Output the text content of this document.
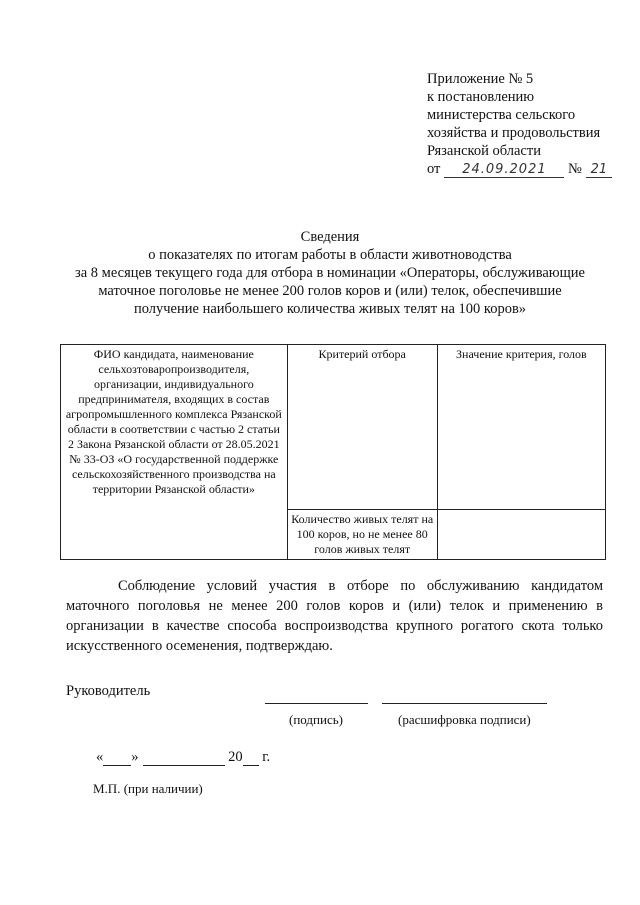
Приложение № 5
к постановлению
министерства сельского
хозяйства и продовольствия
Рязанской области
от 24.09.2021 № 21
Сведения
о показателях по итогам работы в области животноводства
за 8 месяцев текущего года для отбора в номинации «Операторы, обслуживающие
маточное поголовье не менее 200 голов коров и (или) телок, обеспечившие
получение наибольшего количества живых телят на 100 коров»
ФИО кандидата, наименование сельхозтоваропроизводителя, организации, индивидуального предпринимателя, входящих в состав агропромышленного комплекса Рязанской области в соответствии с частью 2 статьи 2 Закона Рязанской области от 28.05.2021 № 33-ОЗ «О государственной поддержке сельскохозяйственного производства на территории Рязанской области»	Критерий отбора	Значение критерия, голов
	Количество живых телят на 100 коров, но не менее 80 голов живых телят	
Соблюдение условий участия в отборе по обслуживанию кандидатом маточного поголовья не менее 200 голов коров и (или) телок и применению в организации в качестве способа воспроизводства крупного рогатого скота только искусственного осеменения, подтверждаю.
Руководитель
(подпись)	(расшифровка подписи)
« »	20 г.
М.П. (при наличии)
